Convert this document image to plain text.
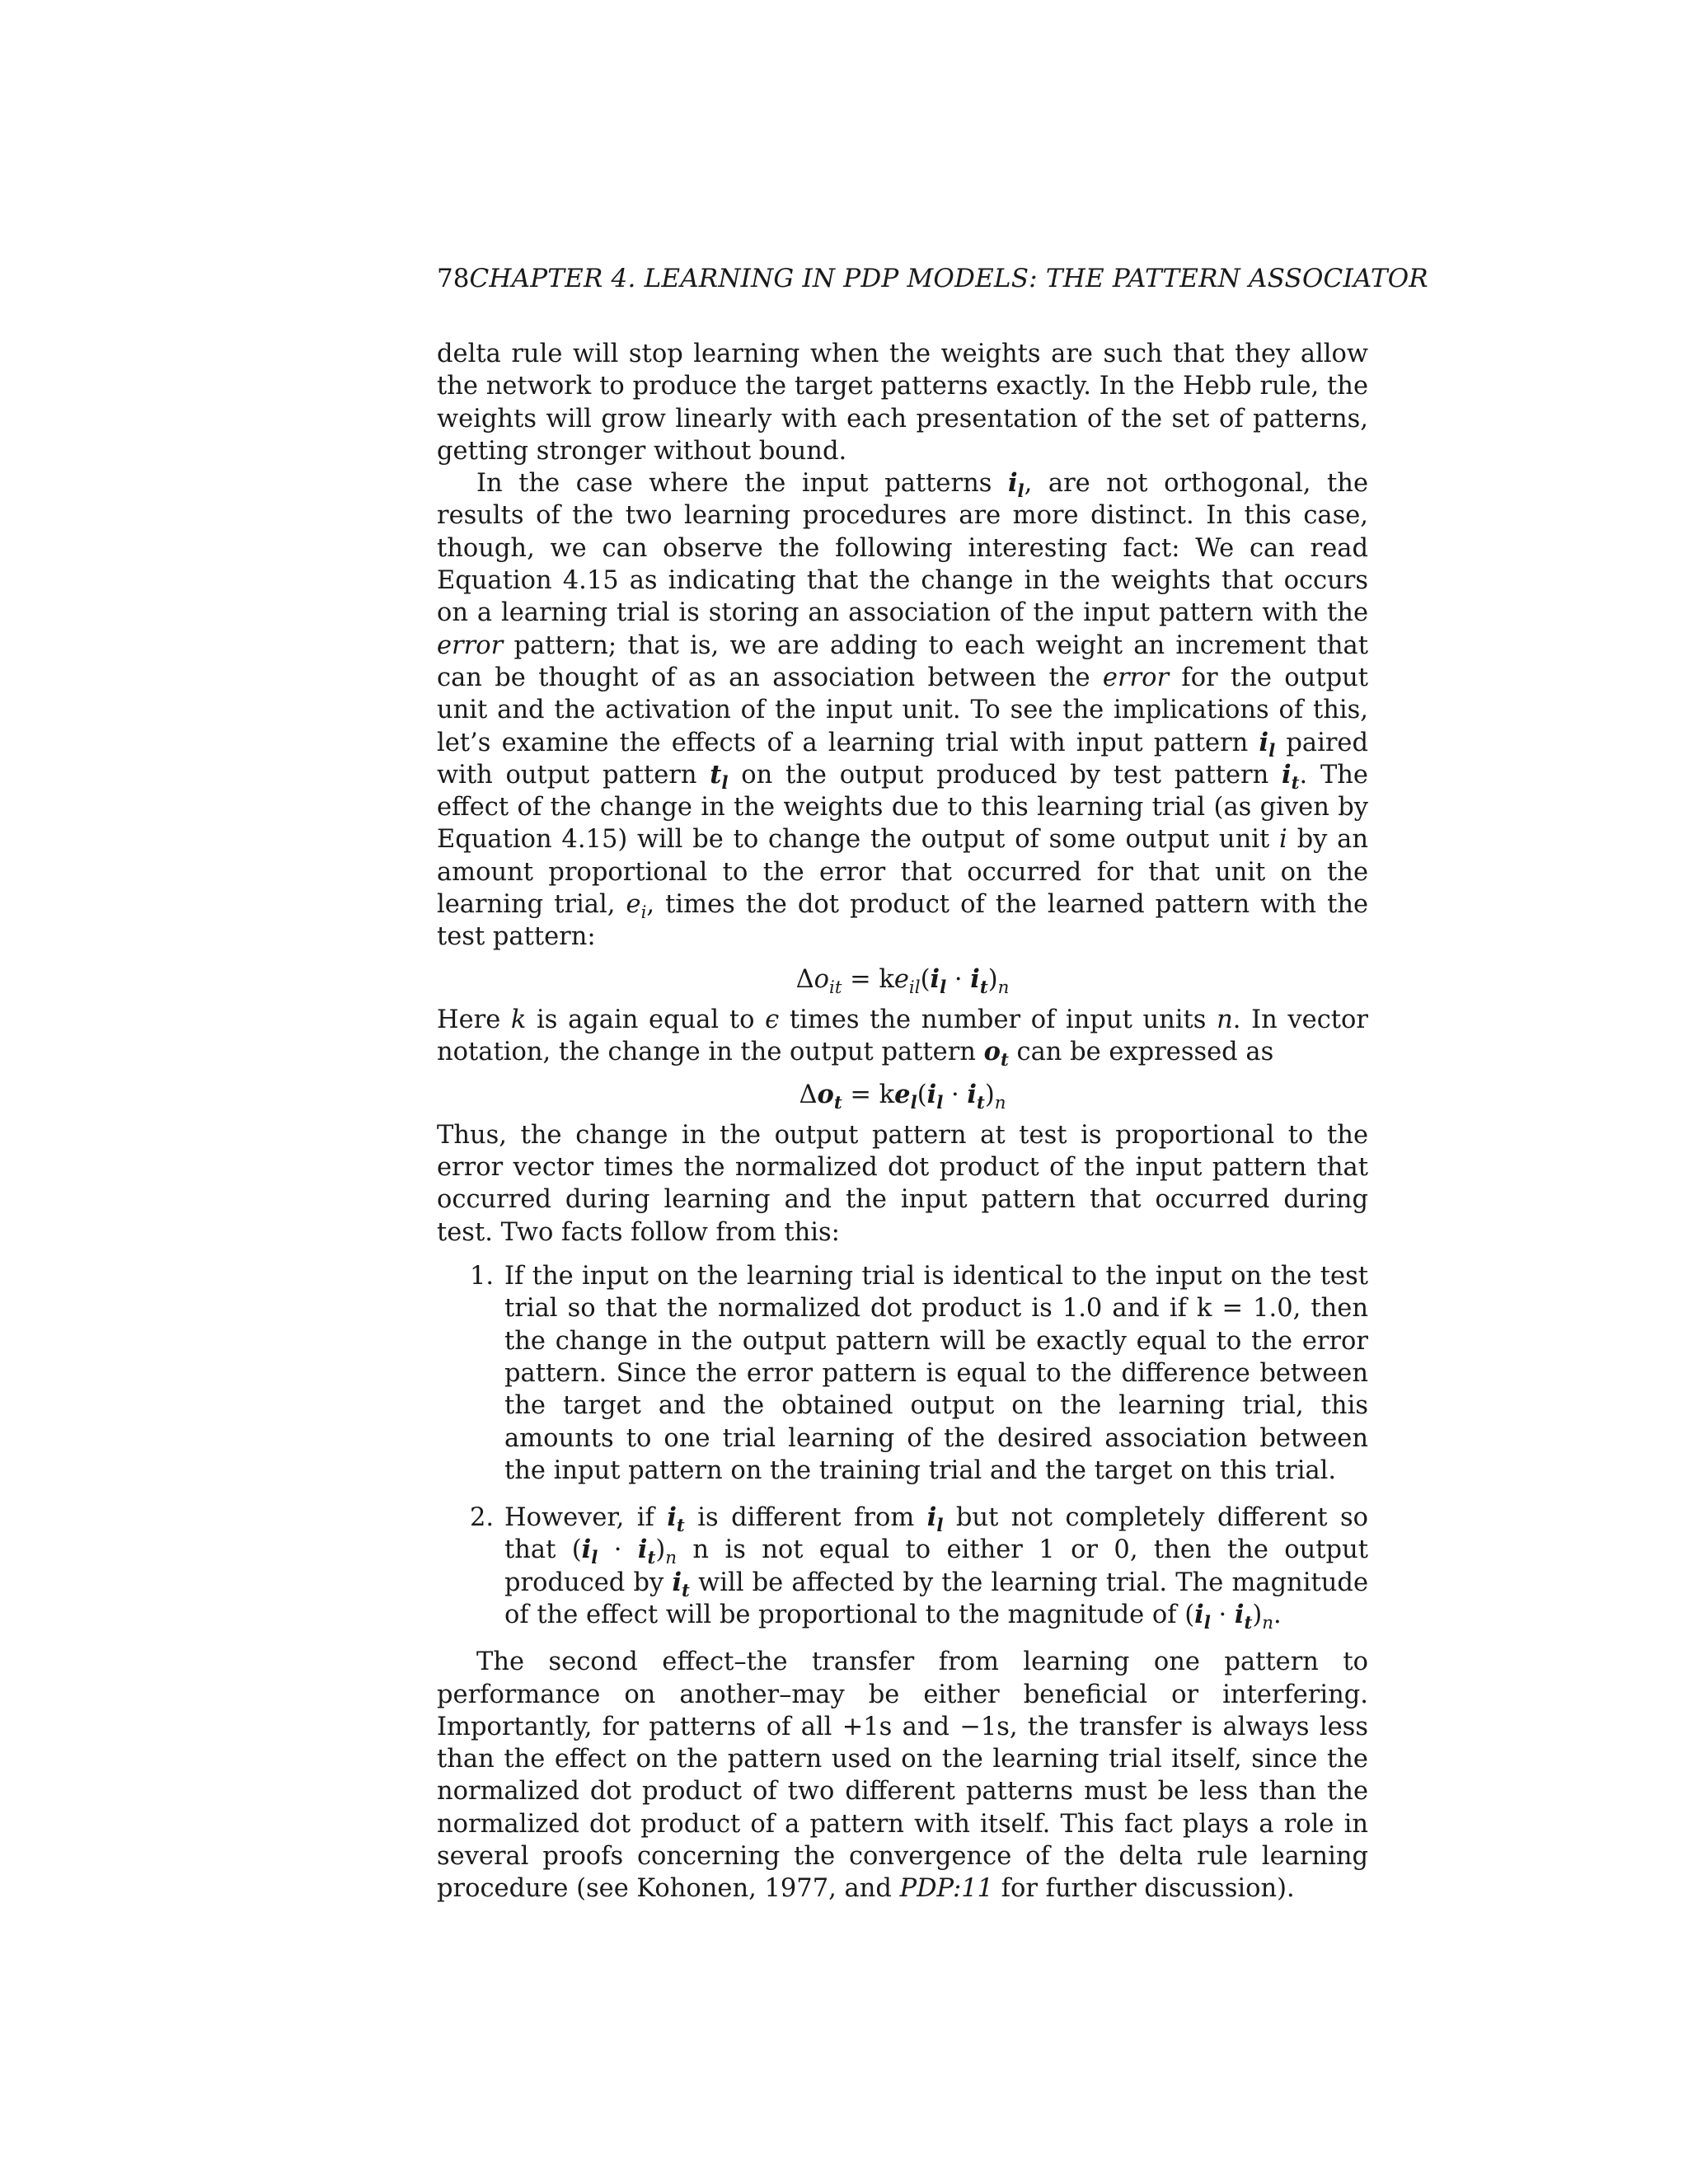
78CHAPTER 4. LEARNING IN PDP MODELS: THE PATTERN ASSOCIATOR

delta rule will stop learning when the weights are such that they allow the network to produce the target patterns exactly. In the Hebb rule, the weights will grow linearly with each presentation of the set of patterns, getting stronger without bound.

In the case where the input patterns $i_l$, are not orthogonal, the results of the two learning procedures are more distinct. In this case, though, we can observe the following interesting fact: We can read Equation 4.15 as indicating that the change in the weights that occurs on a learning trial is storing an association of the input pattern with the error pattern; that is, we are adding to each weight an increment that can be thought of as an association between the error for the output unit and the activation of the input unit. To see the implications of this, let’s examine the effects of a learning trial with input pattern $i_l$ paired with output pattern $t_l$ on the output produced by test pattern $i_t$. The effect of the change in the weights due to this learning trial (as given by Equation 4.15) will be to change the output of some output unit i by an amount proportional to the error that occurred for that unit on the learning trial, $e_i$, times the dot product of the learned pattern with the test pattern:

$\Delta o_{it} = ke_{il}(i_l \cdot i_t)_n$

Here k is again equal to ϵ times the number of input units n. In vector notation, the change in the output pattern $o_t$ can be expressed as

$\Delta o_t = ke_l(i_l \cdot i_t)_n$

Thus, the change in the output pattern at test is proportional to the error vector times the normalized dot product of the input pattern that occurred during learning and the input pattern that occurred during test. Two facts follow from this:

1. If the input on the learning trial is identical to the input on the test trial so that the normalized dot product is 1.0 and if k = 1.0, then the change in the output pattern will be exactly equal to the error pattern. Since the error pattern is equal to the difference between the target and the obtained output on the learning trial, this amounts to one trial learning of the desired association between the input pattern on the training trial and the target on this trial.
2. However, if $i_t$ is different from $i_l$ but not completely different so that $(i_l \cdot i_t)_n$ n is not equal to either 1 or 0, then the output produced by $i_t$ will be affected by the learning trial. The magnitude of the effect will be proportional to the magnitude of $(i_l \cdot i_t)_n$.

The second effect–the transfer from learning one pattern to performance on another–may be either beneficial or interfering. Importantly, for patterns of all +1s and −1s, the transfer is always less than the effect on the pattern used on the learning trial itself, since the normalized dot product of two different patterns must be less than the normalized dot product of a pattern with itself. This fact plays a role in several proofs concerning the convergence of the delta rule learning procedure (see Kohonen, 1977, and PDP:11 for further discussion).
